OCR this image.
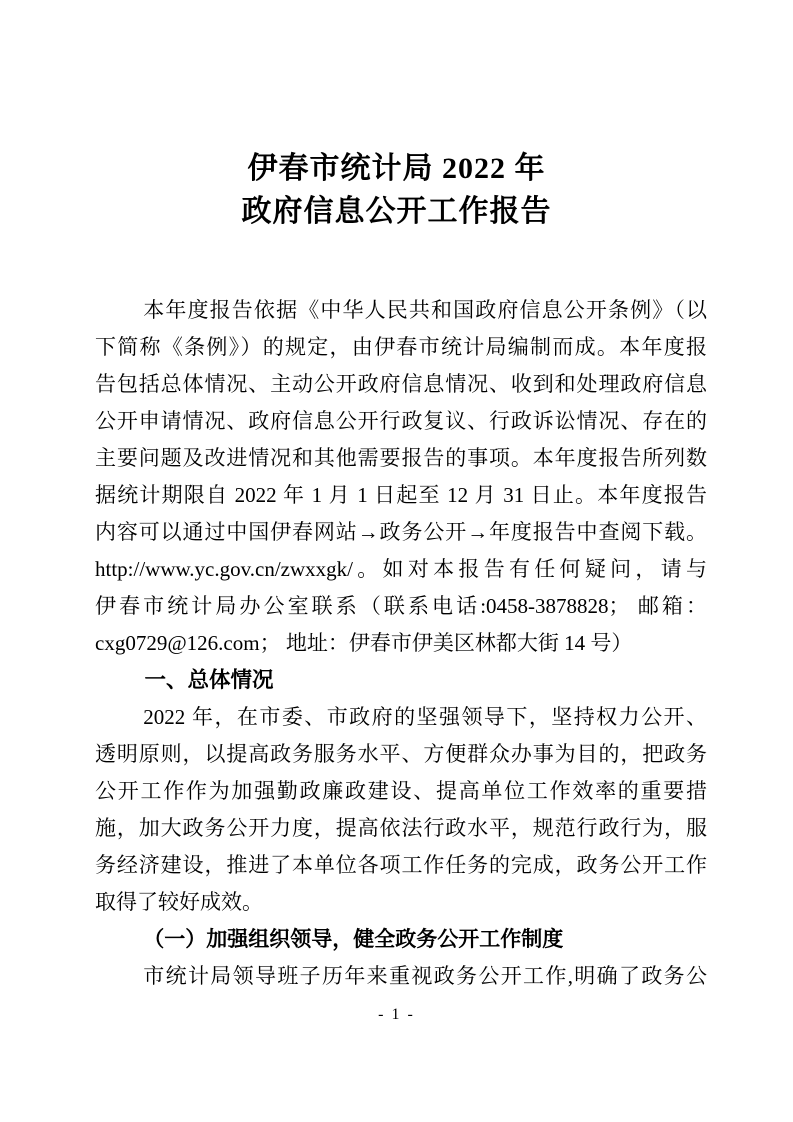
伊春市统计局 2022 年
政府信息公开工作报告
本年度报告依据《中华人民共和国政府信息公开条例》（以
下简称《条例》）的规定，由伊春市统计局编制而成。本年度报
告包括总体情况、主动公开政府信息情况、收到和处理政府信息
公开申请情况、政府信息公开行政复议、行政诉讼情况、存在的
主要问题及改进情况和其他需要报告的事项。本年度报告所列数
据统计期限自 2022 年 1 月 1 日起至 12 月 31 日止。本年度报告
内容可以通过中国伊春网站→政务公开→年度报告中查阅下载。
http://www.yc.gov.cn/zwxxgk/。如对本报告有任何疑问，请与
伊春市统计局办公室联系（联系电话:0458-3878828； 邮箱：
cxg0729@126.com； 地址：伊春市伊美区林都大街 14 号）
一、总体情况
2022 年，在市委、市政府的坚强领导下，坚持权力公开、
透明原则，以提高政务服务水平、方便群众办事为目的，把政务
公开工作作为加强勤政廉政建设、提高单位工作效率的重要措
施，加大政务公开力度，提高依法行政水平，规范行政行为，服
务经济建设，推进了本单位各项工作任务的完成，政务公开工作
取得了较好成效。
（一）加强组织领导，健全政务公开工作制度
市统计局领导班子历年来重视政务公开工作,明确了政务公
- 1 -
